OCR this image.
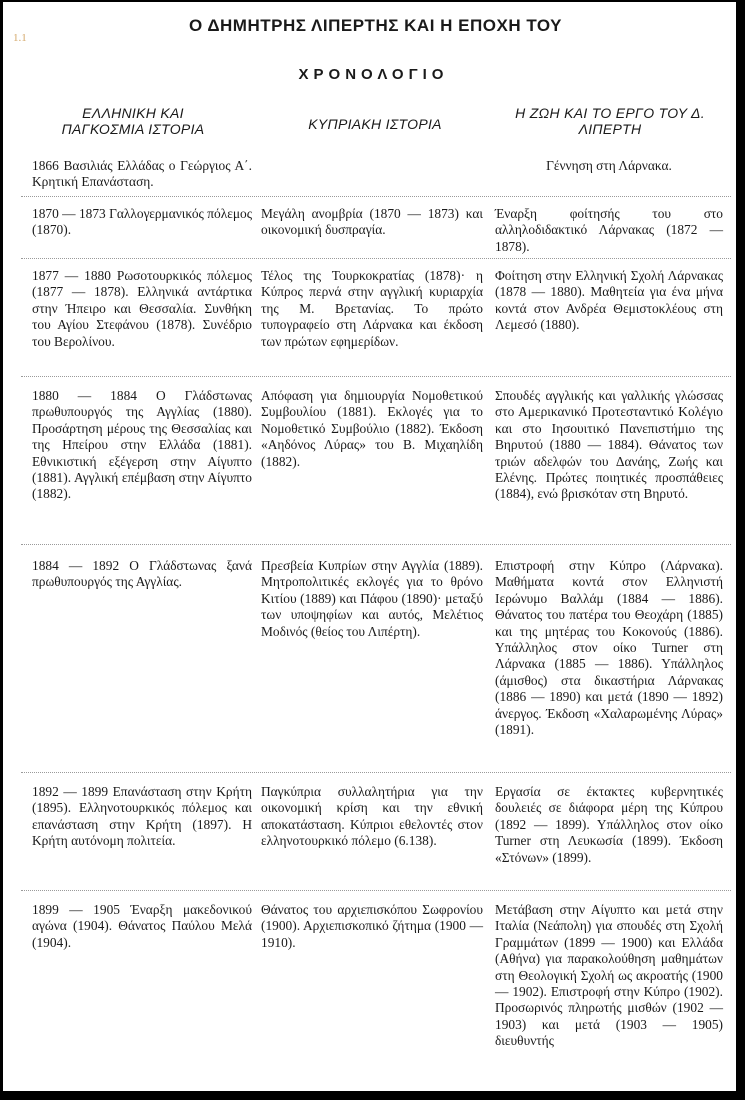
1.1
Ο ΔΗΜΗΤΡΗΣ ΛΙΠΕΡΤΗΣ ΚΑΙ Η ΕΠΟΧΗ ΤΟΥ
ΧΡΟΝΟΛΟΓΙΟ
ΕΛΛΗΝΙΚΗ ΚΑΙ ΠΑΓΚΟΣΜΙΑ ΙΣΤΟΡΙΑ	ΚΥΠΡΙΑΚΗ ΙΣΤΟΡΙΑ
Η ΖΩΗ ΚΑΙ ΤΟ ΕΡΓΟ ΤΟΥ Δ. ΛΙΠΕΡΤΗ
1866 Βασιλιάς Ελλάδας ο Γεώργιος Α΄. Κρητική Επανάσταση.
Γέννηση στη Λάρνακα.
1870 — 1873 Γαλλογερμανικός πόλεμος (1870).
Μεγάλη ανομβρία (1870 — 1873) και οικονομική δυσπραγία.
Έναρξη φοίτησής του στο αλληλοδιδακτικό Λάρνακας (1872 — 1878).
1877 — 1880 Ρωσοτουρκικός πόλεμος (1877 — 1878). Ελληνικά αντάρτικα στην Ήπειρο και Θεσσαλία. Συνθήκη του Αγίου Στεφάνου (1878). Συνέδριο του Βερολίνου.
Τέλος της Τουρκοκρατίας (1878)· η Κύπρος περνά στην αγγλική κυριαρχία της Μ. Βρετανίας. Το πρώτο τυπογραφείο στη Λάρνακα και έκδοση των πρώτων εφημερίδων.
Φοίτηση στην Ελληνική Σχολή Λάρνακας (1878 — 1880). Μαθητεία για ένα μήνα κοντά στον Ανδρέα Θεμιστοκλέους στη Λεμεσό (1880).
1880 — 1884 Ο Γλάδστωνας πρωθυπουργός της Αγγλίας (1880). Προσάρτηση μέρους της Θεσσαλίας και της Ηπείρου στην Ελλάδα (1881). Εθνικιστική εξέγερση στην Αίγυπτο (1881). Αγγλική επέμβαση στην Αίγυπτο (1882).
Απόφαση για δημιουργία Νομοθετικού Συμβουλίου (1881). Εκλογές για το Νομοθετικό Συμβούλιο (1882). Έκδοση «Αηδόνος Λύρας» του Β. Μιχαηλίδη (1882).
Σπουδές αγγλικής και γαλλικής γλώσσας στο Αμερικανικό Προτεσταντικό Κολέγιο και στο Ιησουιτικό Πανεπιστήμιο της Βηρυτού (1880 — 1884). Θάνατος των τριών αδελφών του Δανάης, Ζωής και Ελένης. Πρώτες ποιητικές προσπάθειες (1884), ενώ βρισκόταν στη Βηρυτό.
1884 — 1892 Ο Γλάδστωνας ξανά πρωθυπουργός της Αγγλίας.
Πρεσβεία Κυπρίων στην Αγγλία (1889). Μητροπολιτικές εκλογές για το θρόνο Κιτίου (1889) και Πάφου (1890)· μεταξύ των υποψηφίων και αυτός, Μελέτιος Μοδινός (θείος του Λιπέρτη).
Επιστροφή στην Κύπρο (Λάρνακα). Μαθήματα κοντά στον Ελληνιστή Ιερώνυμο Βαλλάμ (1884 — 1886). Θάνατος του πατέρα του Θεοχάρη (1885) και της μητέρας του Κοκονούς (1886). Υπάλληλος στον οίκο Turner στη Λάρνακα (1885 — 1886). Υπάλληλος (άμισθος) στα δικαστήρια Λάρνακας (1886 — 1890) και μετά (1890 — 1892) άνεργος. Έκδοση «Χαλαρωμένης Λύρας» (1891).
1892 — 1899 Επανάσταση στην Κρήτη (1895). Ελληνοτουρκικός πόλεμος και επανάσταση στην Κρήτη (1897). Η Κρήτη αυτόνομη πολιτεία.
Παγκύπρια συλλαλητήρια για την οικονομική κρίση και την εθνική αποκατάσταση. Κύπριοι εθελοντές στον ελληνοτουρκικό πόλεμο (6.138).
Εργασία σε έκτακτες κυβερνητικές δουλειές σε διάφορα μέρη της Κύπρου (1892 — 1899). Υπάλληλος στον οίκο Turner στη Λευκωσία (1899). Έκδοση «Στόνων» (1899).
1899 — 1905 Έναρξη μακεδονικού αγώνα (1904). Θάνατος Παύλου Μελά (1904).
Θάνατος του αρχιεπισκόπου Σωφρονίου (1900). Αρχιεπισκοπικό ζήτημα (1900 — 1910).
Μετάβαση στην Αίγυπτο και μετά στην Ιταλία (Νεάπολη) για σπουδές στη Σχολή Γραμμάτων (1899 — 1900) και Ελλάδα (Αθήνα) για παρακολούθηση μαθημάτων στη Θεολογική Σχολή ως ακροατής (1900 — 1902). Επιστροφή στην Κύπρο (1902). Προσωρινός πληρωτής μισθών (1902 — 1903) και μετά (1903 — 1905) διευθυντής
